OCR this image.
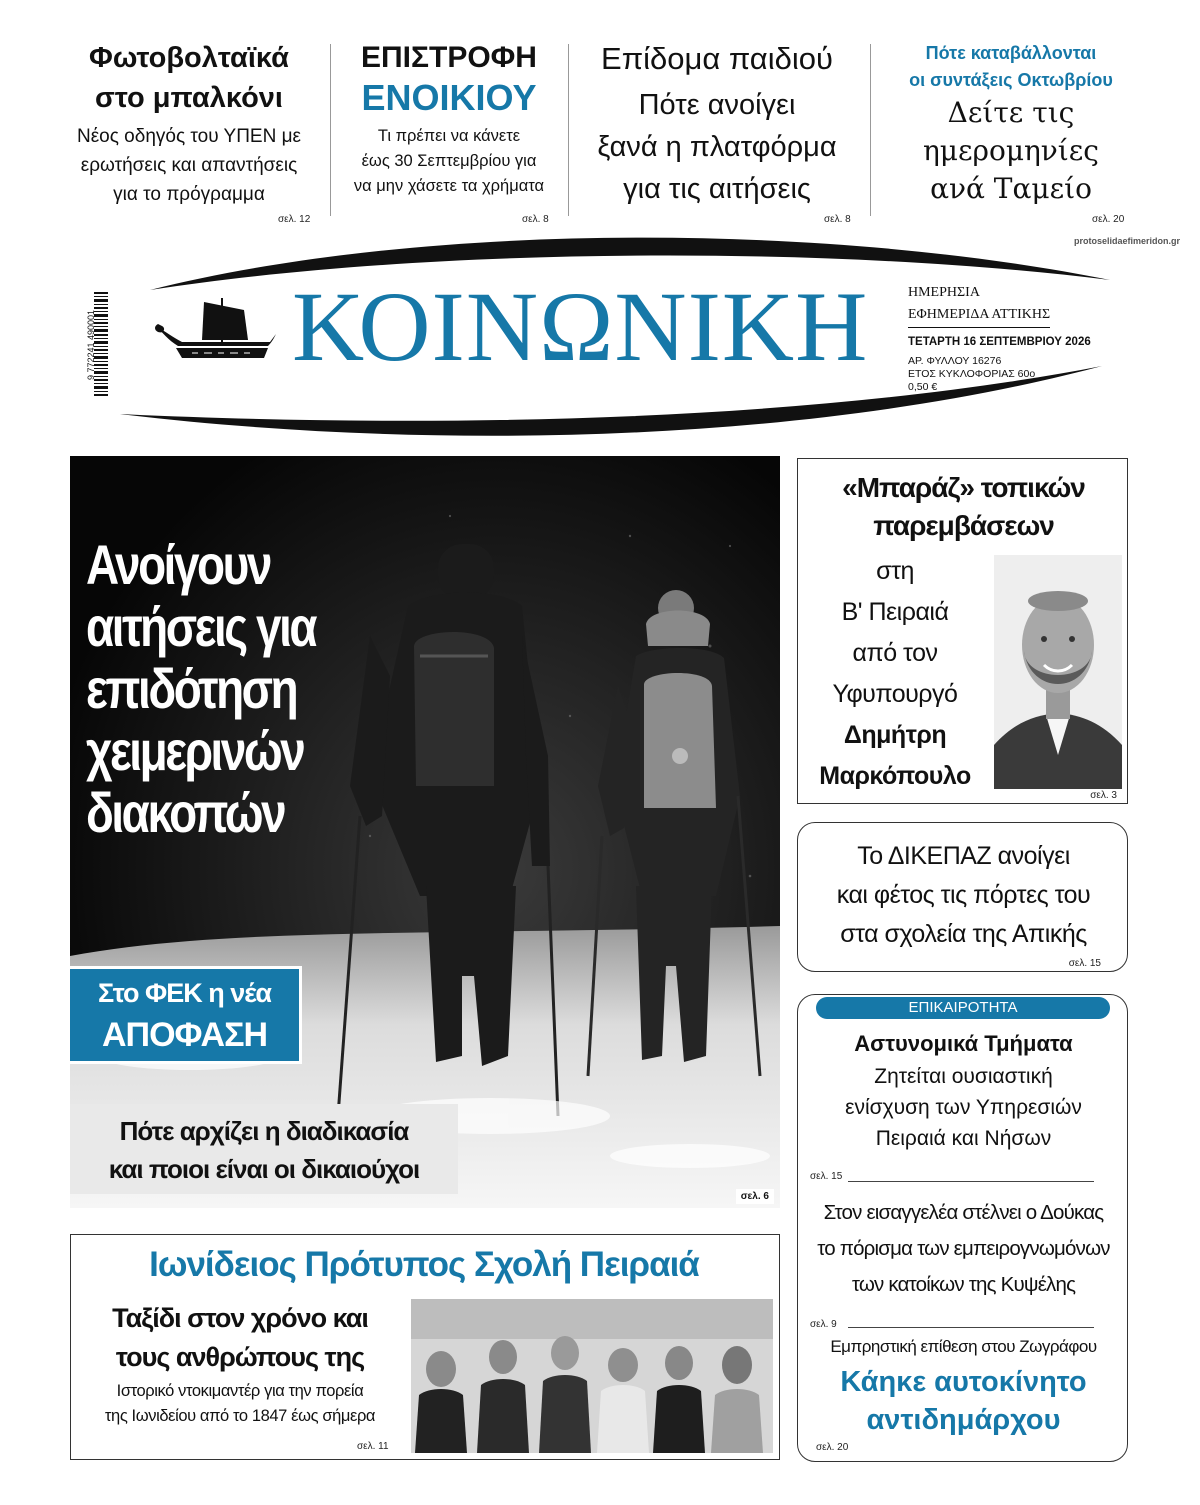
Φωτοβολταϊκά
στο μπαλκόνι
Νέος οδηγός του ΥΠΕΝ με
ερωτήσεις και απαντήσεις
για το πρόγραμμα
σελ. 12
ΕΠΙΣΤΡΟΦΗ
ΕΝΟΙΚΙΟΥ
Τι πρέπει να κάνετε
έως 30 Σεπτεμβρίου για
να μην χάσετε τα χρήματα
σελ. 8
Επίδομα παιδιού
Πότε ανοίγει
ξανά η πλατφόρμα
για τις αιτήσεις
σελ. 8
Πότε καταβάλλονται
οι συντάξεις Οκτωβρίου
Δείτε τις
ημερομηνίες
ανά Ταμείο
σελ. 20
protoselidaefimeridon.gr
9 772241 490001 ΚΟΙΝΩΝΙΚΗ	ΗΜΕΡΗΣΙΑ
ΕΦΗΜΕΡΙΔΑ ΑΤΤΙΚΗΣ
ΤΕΤΑΡΤΗ 16 ΣΕΠΤΕΜΒΡΙΟΥ 2026
ΑΡ. ΦΥΛΛΟΥ 16276
ΕΤΟΣ ΚΥΚΛΟΦΟΡΙΑΣ 60ο
0,50 €
Ανοίγουν
αιτήσεις για
επιδότηση
χειμερινών
διακοπών
Στο ΦΕΚ η νέα
ΑΠΟΦΑΣΗ
Πότε αρχίζει η διαδικασία
και ποιοι είναι οι δικαιούχοι
σελ. 6
«Μπαράζ» τοπικών
παρεμβάσεων
στη
Β' Πειραιά
από τον
Υφυπουργό
Δημήτρη
Μαρκόπουλο
σελ. 3
Το ΔΙΚΕΠΑΖ ανοίγει
και φέτος τις πόρτες του
στα σχολεία της Απικής
σελ. 15
ΕΠΙΚΑΙΡΟΤΗΤΑ
Αστυνομικά Τμήματα
Ζητείται ουσιαστική
ενίσχυση των Υπηρεσιών
Πειραιά και Νήσων
σελ. 15
Στον εισαγγελέα στέλνει ο Δούκας
το πόρισμα των εμπειρογνωμόνων
των κατοίκων της Κυψέλης
σελ. 9
Εμπρηστική επίθεση στου Ζωγράφου
Κάηκε αυτοκίνητο
αντιδημάρχου
σελ. 20
Ιωνίδειος Πρότυπος Σχολή Πειραιά
Ταξίδι στον χρόνο και
τους ανθρώπους της
Ιστορικό ντοκιμαντέρ για την πορεία
της Ιωνιδείου από το 1847 έως σήμερα
σελ. 11
